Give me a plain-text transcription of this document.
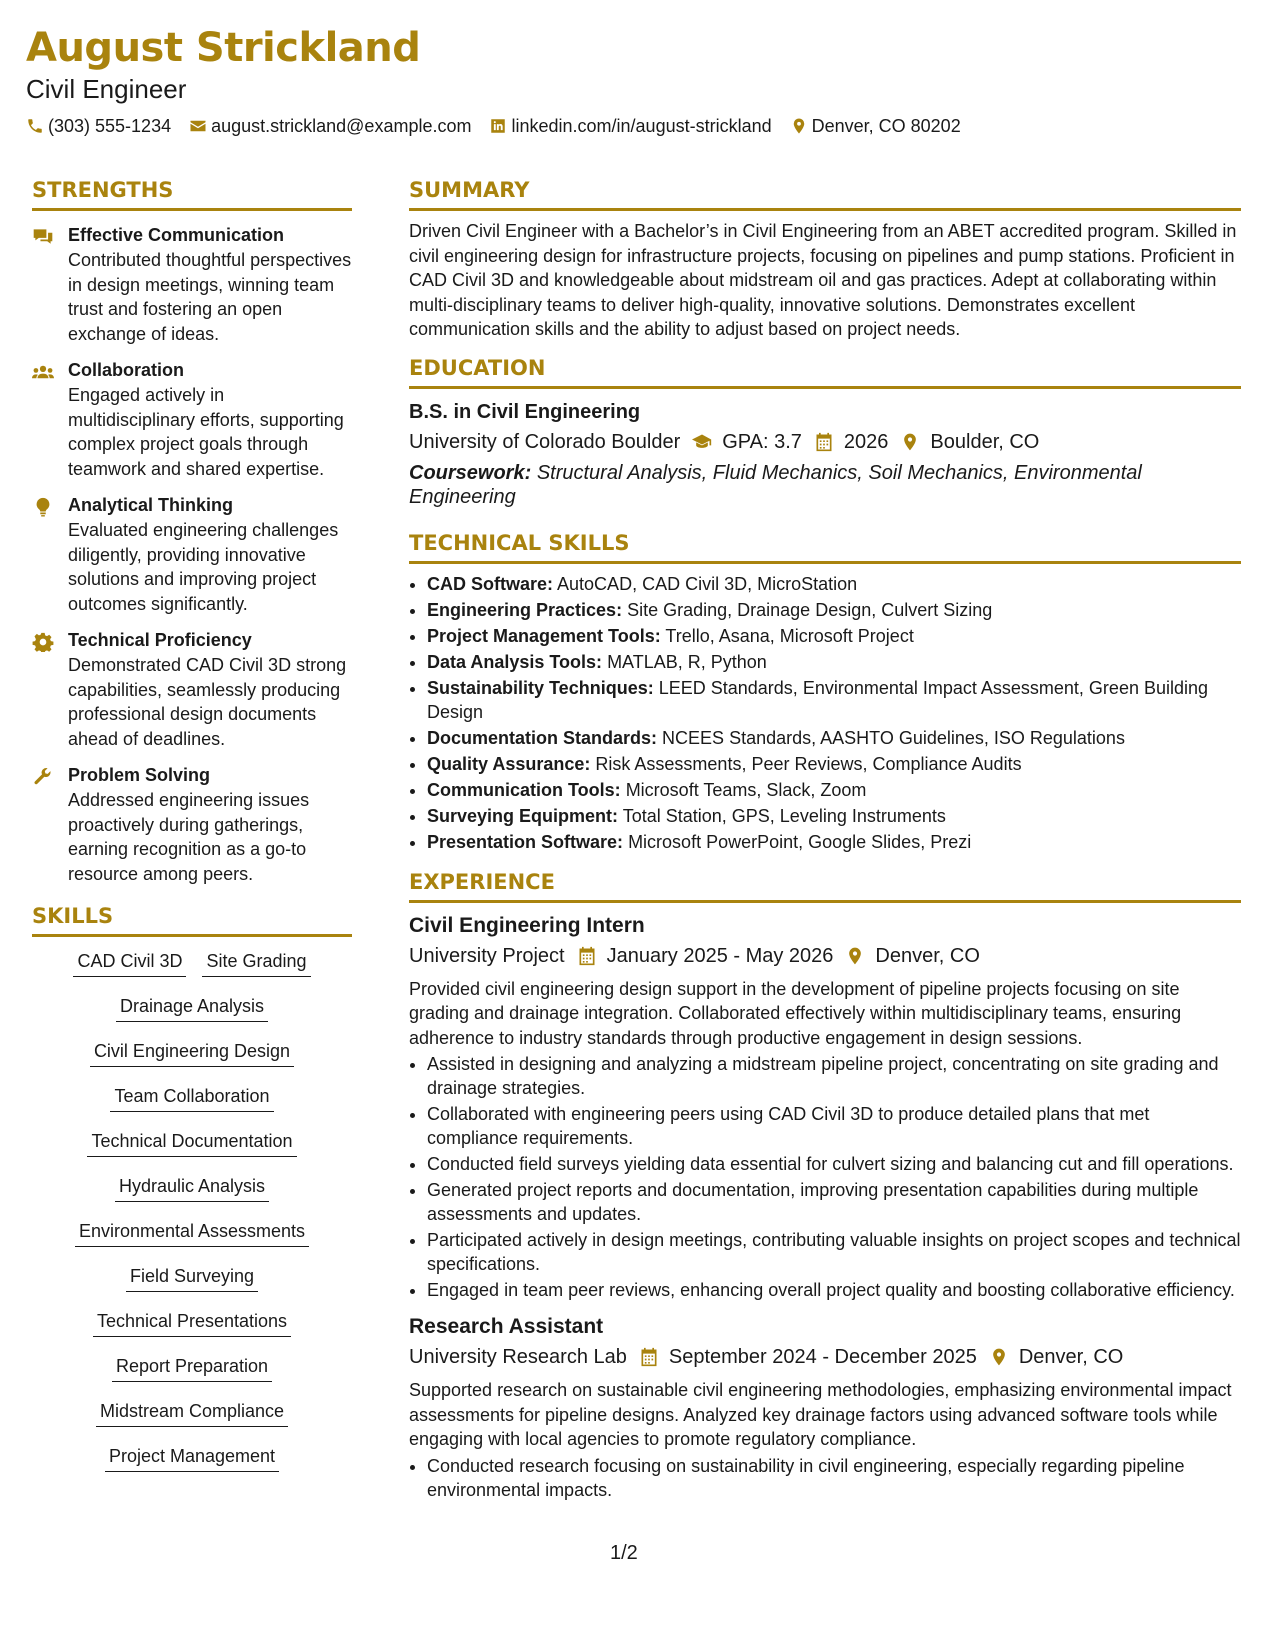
August Strickland
Civil Engineer
(303) 555-1234 august.strickland@example.com linkedin.com/in/august-strickland Denver, CO 80202
STRENGTHS
Effective Communication
Contributed thoughtful perspectives in design meetings, winning team trust and fostering an open exchange of ideas.
Collaboration
Engaged actively in multidisciplinary efforts, supporting complex project goals through teamwork and shared expertise.
Analytical Thinking
Evaluated engineering challenges diligently, providing innovative solutions and improving project outcomes significantly.
Technical Proficiency
Demonstrated CAD Civil 3D strong capabilities, seamlessly producing professional design documents ahead of deadlines.
Problem Solving
Addressed engineering issues proactively during gatherings, earning recognition as a go-to resource among peers.
SKILLS
CAD Civil 3D Site Grading
Drainage Analysis
Civil Engineering Design
Team Collaboration
Technical Documentation
Hydraulic Analysis
Environmental Assessments
Field Surveying
Technical Presentations
Report Preparation
Midstream Compliance
Project Management
SUMMARY

Driven Civil Engineer with a Bachelor’s in Civil Engineering from an ABET accredited program. Skilled in civil engineering design for infrastructure projects, focusing on pipelines and pump stations. Proficient in CAD Civil 3D and knowledgeable about midstream oil and gas practices. Adept at collaborating within multi-disciplinary teams to deliver high-quality, innovative solutions. Demonstrates excellent communication skills and the ability to adjust based on project needs.

EDUCATION
B.S. in Civil Engineering
University of Colorado Boulder GPA: 3.7 2026 Boulder, CO
Coursework: Structural Analysis, Fluid Mechanics, Soil Mechanics, Environmental Engineering
TECHNICAL SKILLS
• CAD Software: AutoCAD, CAD Civil 3D, MicroStation
• Engineering Practices: Site Grading, Drainage Design, Culvert Sizing
• Project Management Tools: Trello, Asana, Microsoft Project
• Data Analysis Tools: MATLAB, R, Python
• Sustainability Techniques: LEED Standards, Environmental Impact Assessment, Green Building Design
• Documentation Standards: NCEES Standards, AASHTO Guidelines, ISO Regulations
• Quality Assurance: Risk Assessments, Peer Reviews, Compliance Audits
• Communication Tools: Microsoft Teams, Slack, Zoom
• Surveying Equipment: Total Station, GPS, Leveling Instruments
• Presentation Software: Microsoft PowerPoint, Google Slides, Prezi
EXPERIENCE
Civil Engineering Intern
University Project January 2025 - May 2026 Denver, CO

Provided civil engineering design support in the development of pipeline projects focusing on site grading and drainage integration. Collaborated effectively within multidisciplinary teams, ensuring adherence to industry standards through productive engagement in design sessions.

• Assisted in designing and analyzing a midstream pipeline project, concentrating on site grading and drainage strategies.
• Collaborated with engineering peers using CAD Civil 3D to produce detailed plans that met compliance requirements.
• Conducted field surveys yielding data essential for culvert sizing and balancing cut and fill operations.
• Generated project reports and documentation, improving presentation capabilities during multiple assessments and updates.
• Participated actively in design meetings, contributing valuable insights on project scopes and technical specifications.
• Engaged in team peer reviews, enhancing overall project quality and boosting collaborative efficiency.
Research Assistant
University Research Lab September 2024 - December 2025 Denver, CO

Supported research on sustainable civil engineering methodologies, emphasizing environmental impact assessments for pipeline designs. Analyzed key drainage factors using advanced software tools while engaging with local agencies to promote regulatory compliance.

• Conducted research focusing on sustainability in civil engineering, especially regarding pipeline environmental impacts.
1/2
